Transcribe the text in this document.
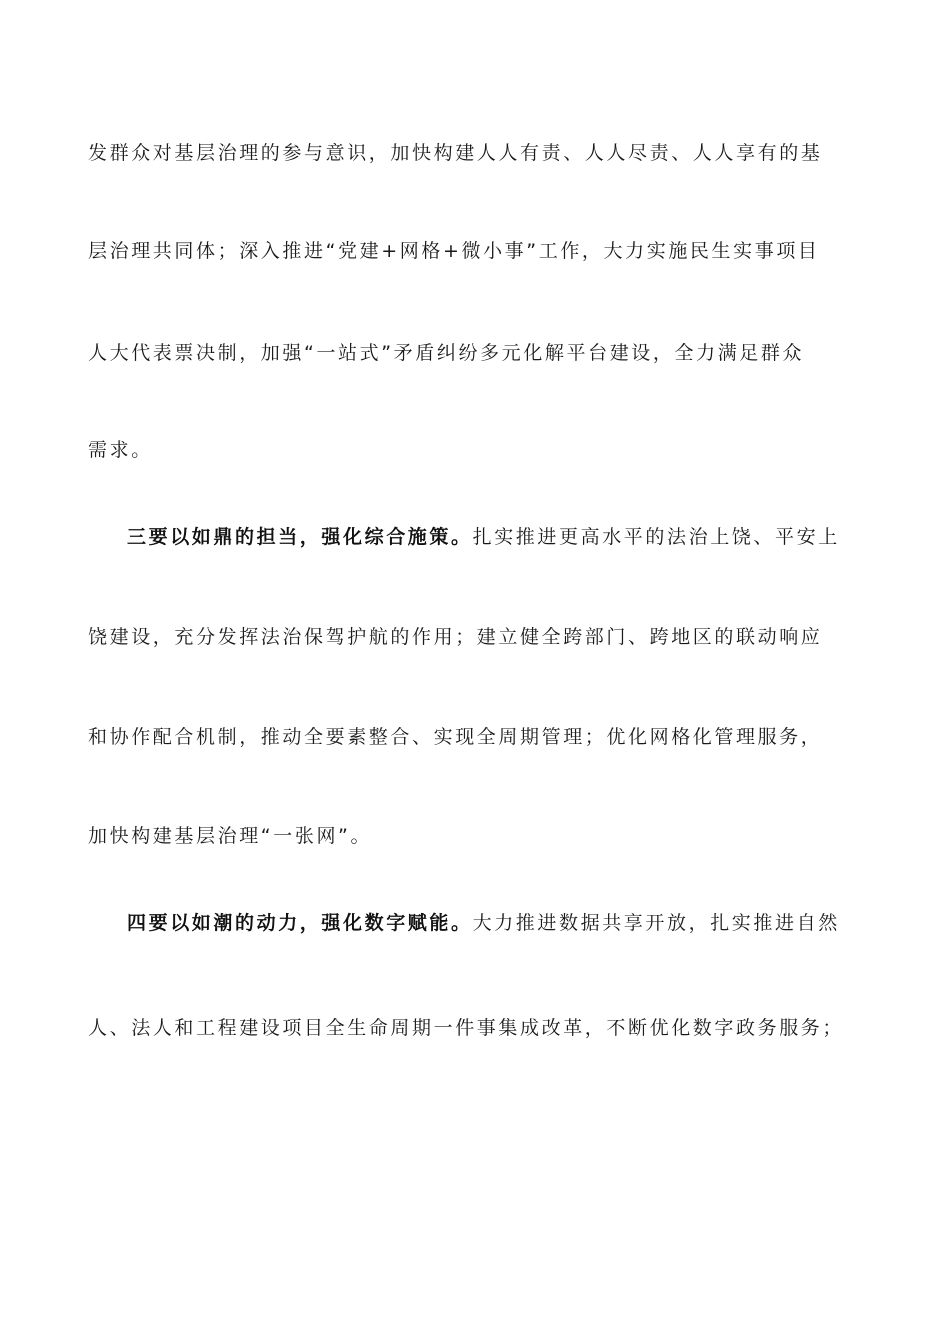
发群众对基层治理的参与意识，加快构建人人有责、人人尽责、人人享有的基
层治理共同体；深入推进“党建+网格+微小事”工作，大力实施民生实事项目
人大代表票决制，加强“一站式”矛盾纠纷多元化解平台建设，全力满足群众
需求。
三要以如鼎的担当，强化综合施策。扎实推进更高水平的法治上饶、平安上
饶建设，充分发挥法治保驾护航的作用；建立健全跨部门、跨地区的联动响应
和协作配合机制，推动全要素整合、实现全周期管理；优化网格化管理服务，
加快构建基层治理“一张网”。
四要以如潮的动力，强化数字赋能。大力推进数据共享开放，扎实推进自然
人、法人和工程建设项目全生命周期一件事集成改革，不断优化数字政务服务；
